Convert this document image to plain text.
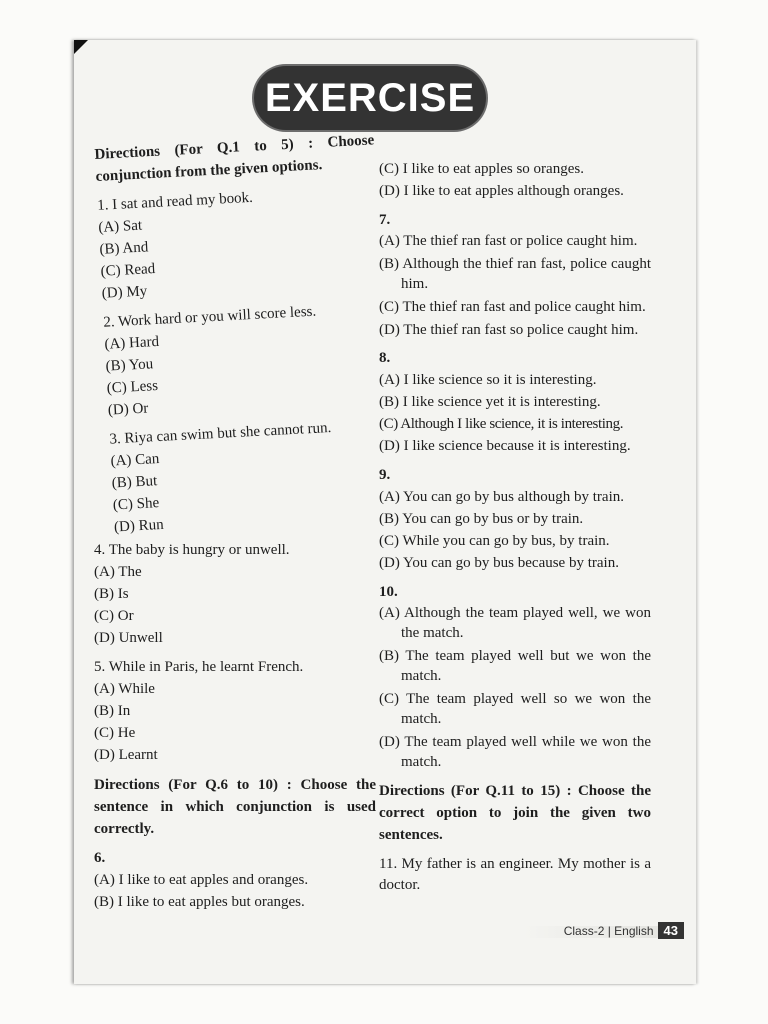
EXERCISE
Directions (For Q.1 to 5) : Choose conjunction from the given options.
1. I sat and read my book.
(A) Sat
(B) And
(C) Read
(D) My
2. Work hard or you will score less.
(A) Hard
(B) You
(C) Less
(D) Or
3. Riya can swim but she cannot run.
(A) Can
(B) But
(C) She
(D) Run
4. The baby is hungry or unwell.
(A) The
(B) Is
(C) Or
(D) Unwell
5. While in Paris, he learnt French.
(A) While
(B) In
(C) He
(D) Learnt
Directions (For Q.6 to 10) : Choose the sentence in which conjunction is used correctly.
6.
(A) I like to eat apples and oranges.
(B) I like to eat apples but oranges.
(C) I like to eat apples so oranges.
(D) I like to eat apples although oranges.
7.
(A) The thief ran fast or police caught him.
(B) Although the thief ran fast, police caught him.
(C) The thief ran fast and police caught him.
(D) The thief ran fast so police caught him.
8.
(A) I like science so it is interesting.
(B) I like science yet it is interesting.
(C) Although I like science, it is interesting.
(D) I like science because it is interesting.
9.
(A) You can go by bus although by train.
(B) You can go by bus or by train.
(C) While you can go by bus, by train.
(D) You can go by bus because by train.
10.
(A) Although the team played well, we won the match.
(B) The team played well but we won the match.
(C) The team played well so we won the match.
(D) The team played well while we won the match.
Directions (For Q.11 to 15) : Choose the correct option to join the given two sentences.
11. My father is an engineer. My mother is a doctor.
Class-2 | English 43
